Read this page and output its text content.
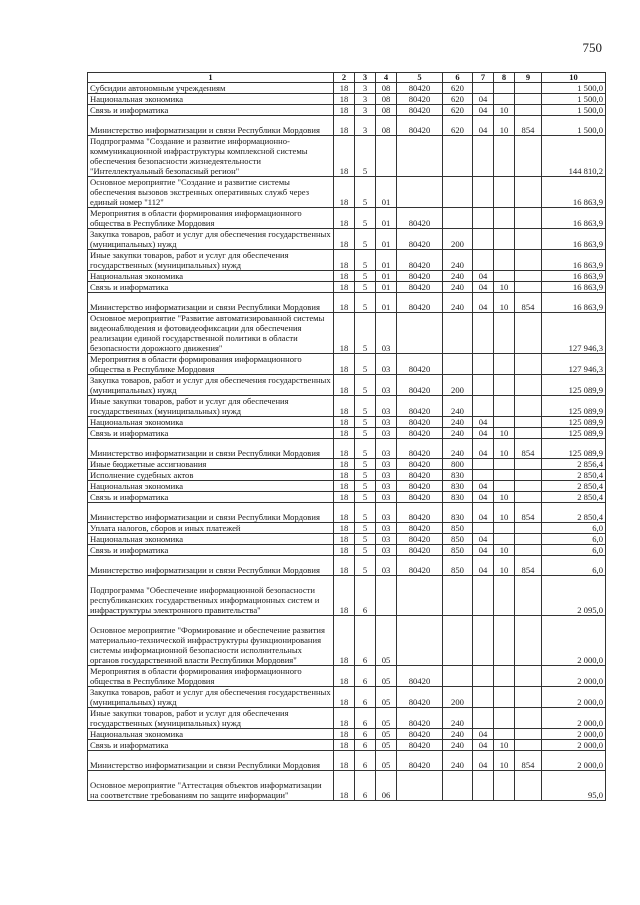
750
1	2	3	4	5	6	7	8	9	10
Субсидии автономным учреждениям	18	3	08	80420	620				1 500,0
Национальная экономика	18	3	08	80420	620	04			1 500,0
Связь и информатика	18	3	08	80420	620	04	10		1 500,0
Министерство информатизации и связи Республики Мордовия	18	3	08	80420	620	04	10	854	1 500,0
Подпрограмма "Создание и развитие информационно-коммуникационной инфраструктуры комплексной системы обеспечения безопасности жизнедеятельности "Интеллектуальный безопасный регион"	18	5							144 810,2
Основное мероприятие "Создание и развитие системы обеспечения вызовов экстренных оперативных служб через единый номер "112"	18	5	01						16 863,9
Мероприятия в области формирования информационного общества в Республике Мордовия	18	5	01	80420					16 863,9
Закупка товаров, работ и услуг для обеспечения государственных (муниципальных) нужд	18	5	01	80420	200				16 863,9
Иные закупки товаров, работ и услуг для обеспечения государственных (муниципальных) нужд	18	5	01	80420	240				16 863,9
Национальная экономика	18	5	01	80420	240	04			16 863,9
Связь и информатика	18	5	01	80420	240	04	10		16 863,9
Министерство информатизации и связи Республики Мордовия	18	5	01	80420	240	04	10	854	16 863,9
Основное мероприятие "Развитие автоматизированной системы видеонаблюдения и фотовидеофиксации для обеспечения реализации единой государственной политики в области безопасности дорожного движения"	18	5	03						127 946,3
Мероприятия в области формирования информационного общества в Республике Мордовия	18	5	03	80420					127 946,3
Закупка товаров, работ и услуг для обеспечения государственных (муниципальных) нужд	18	5	03	80420	200				125 089,9
Иные закупки товаров, работ и услуг для обеспечения государственных (муниципальных) нужд	18	5	03	80420	240				125 089,9
Национальная экономика	18	5	03	80420	240	04			125 089,9
Связь и информатика	18	5	03	80420	240	04	10		125 089,9
Министерство информатизации и связи Республики Мордовия	18	5	03	80420	240	04	10	854	125 089,9
Иные бюджетные ассигнования	18	5	03	80420	800				2 856,4
Исполнение судебных актов	18	5	03	80420	830				2 850,4
Национальная экономика	18	5	03	80420	830	04			2 850,4
Связь и информатика	18	5	03	80420	830	04	10		2 850,4
Министерство информатизации и связи Республики Мордовия	18	5	03	80420	830	04	10	854	2 850,4
Уплата налогов, сборов и иных платежей	18	5	03	80420	850				6,0
Национальная экономика	18	5	03	80420	850	04			6,0
Связь и информатика	18	5	03	80420	850	04	10		6,0
Министерство информатизации и связи Республики Мордовия	18	5	03	80420	850	04	10	854	6,0
Подпрограмма "Обеспечение информационной безопасности республиканских государственных информационных систем и инфраструктуры электронного правительства"	18	6							2 095,0
Основное мероприятие "Формирование и обеспечение развития материально-технической инфраструктуры функционирования системы информационной безопасности исполнительных органов государственной власти Республики Мордовия"	18	6	05						2 000,0
Мероприятия в области формирования информационного общества в Республике Мордовия	18	6	05	80420					2 000,0
Закупка товаров, работ и услуг для обеспечения государственных (муниципальных) нужд	18	6	05	80420	200				2 000,0
Иные закупки товаров, работ и услуг для обеспечения государственных (муниципальных) нужд	18	6	05	80420	240				2 000,0
Национальная экономика	18	6	05	80420	240	04			2 000,0
Связь и информатика	18	6	05	80420	240	04	10		2 000,0
Министерство информатизации и связи Республики Мордовия	18	6	05	80420	240	04	10	854	2 000,0
Основное мероприятие "Аттестация объектов информатизации на соответствие требованиям по защите информации"	18	6	06						95,0
